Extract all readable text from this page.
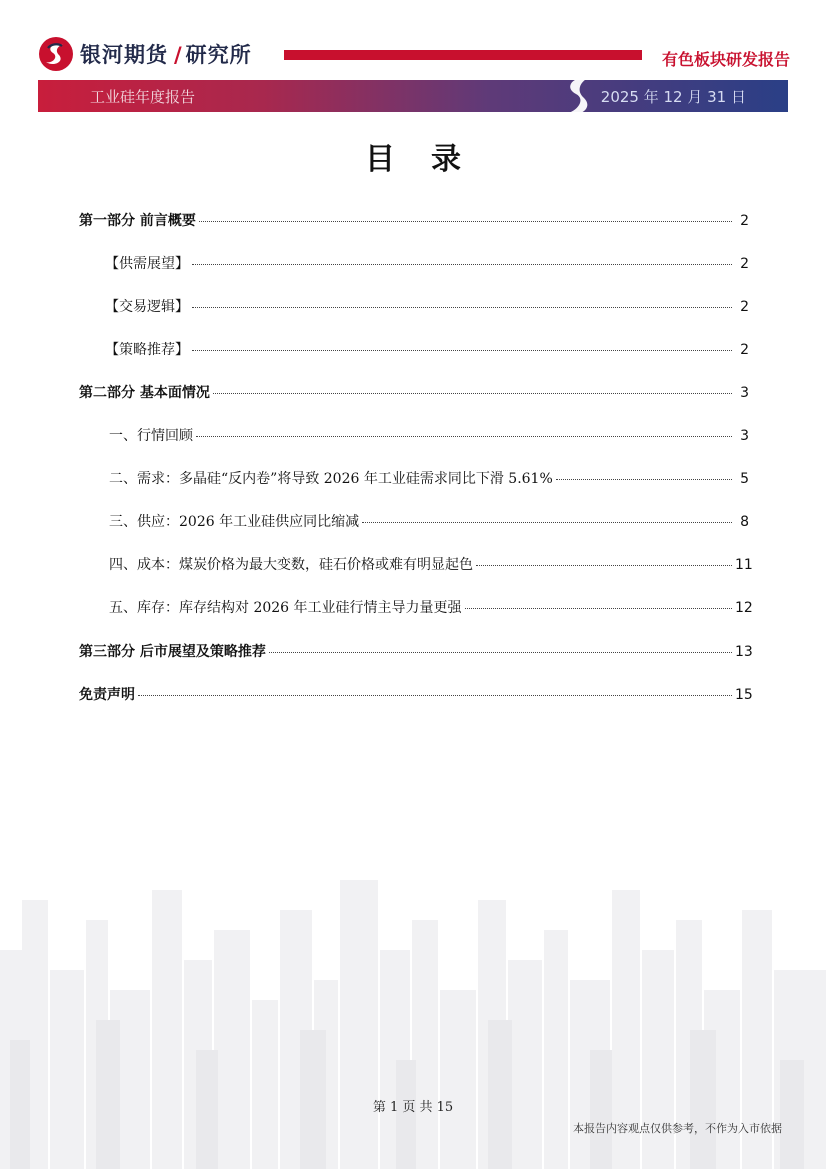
银河期货 / 研究所	有色板块研发报告
工业硅年度报告	2025 年 12 月 31 日
目录
第一部分 前言概要	2
【供需展望】	2
【交易逻辑】	2
【策略推荐】	2
第二部分 基本面情况	3
一、行情回顾	3
二、需求：多晶硅“反内卷”将导致 2026 年工业硅需求同比下滑 5.61%	5
三、供应：2026 年工业硅供应同比缩减	8
四、成本：煤炭价格为最大变数，硅石价格或难有明显起色	11
五、库存：库存结构对 2026 年工业硅行情主导力量更强	12
第三部分 后市展望及策略推荐	13
免责声明	15
第 1 页 共 15
本报告内容观点仅供参考，不作为入市依据
